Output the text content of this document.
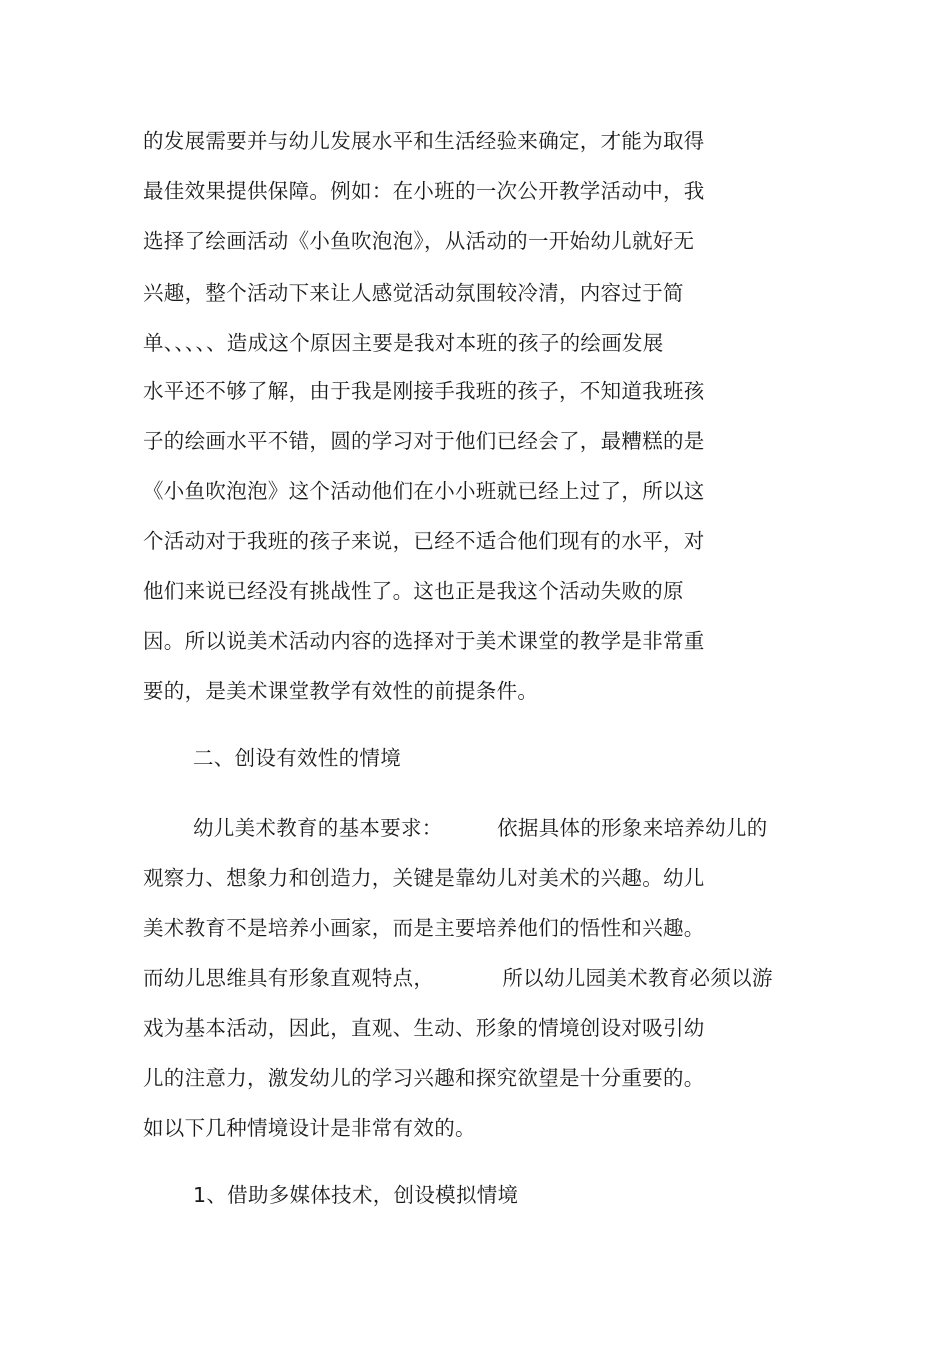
的发展需要并与幼儿发展水平和生活经验来确定，才能为取得
最佳效果提供保障。例如：在小班的一次公开教学活动中，我
选择了绘画活动《小鱼吹泡泡》，从活动的一开始幼儿就好无
兴趣，整个活动下来让人感觉活动氛围较冷清，内容过于简
单、、、、、造成这个原因主要是我对本班的孩子的绘画发展
水平还不够了解，由于我是刚接手我班的孩子，不知道我班孩
子的绘画水平不错，圆的学习对于他们已经会了，最糟糕的是
《小鱼吹泡泡》这个活动他们在小小班就已经上过了，所以这
个活动对于我班的孩子来说，已经不适合他们现有的水平，对
他们来说已经没有挑战性了。这也正是我这个活动失败的原
因。所以说美术活动内容的选择对于美术课堂的教学是非常重
要的，是美术课堂教学有效性的前提条件。
二、创设有效性的情境
幼儿美术教育的基本要求：        依据具体的形象来培养幼儿的
观察力、想象力和创造力，关键是靠幼儿对美术的兴趣。幼儿
美术教育不是培养小画家，而是主要培养他们的悟性和兴趣。
而幼儿思维具有形象直观特点，          所以幼儿园美术教育必须以游
戏为基本活动，因此，直观、生动、形象的情境创设对吸引幼
儿的注意力，激发幼儿的学习兴趣和探究欲望是十分重要的。
如以下几种情境设计是非常有效的。
1、借助多媒体技术，创设模拟情境
